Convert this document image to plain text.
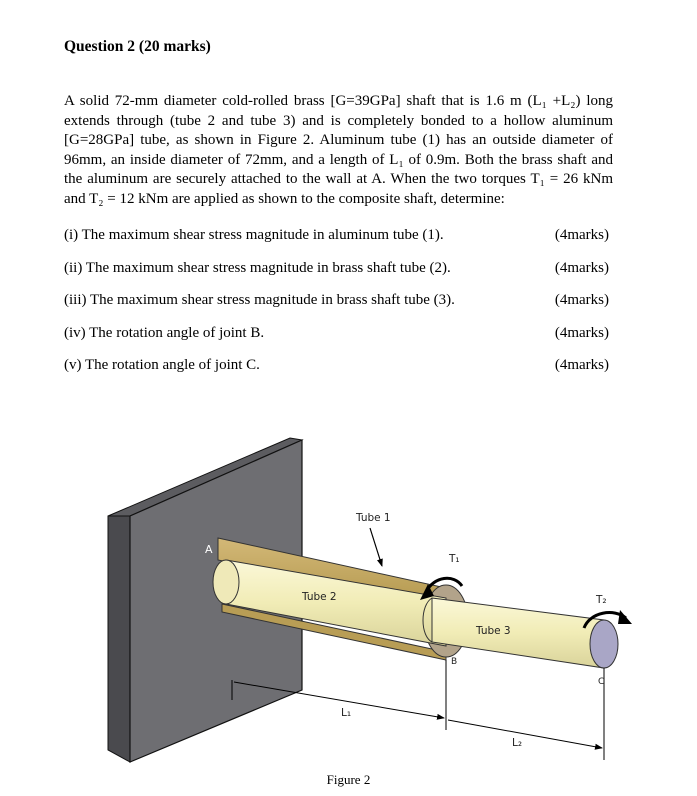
Question 2 (20 marks)

A solid 72-mm diameter cold-rolled brass [G=39GPa] shaft that is 1.6 m (L₁ +L₂) long extends through (tube 2 and tube 3) and is completely bonded to a hollow aluminum [G=28GPa] tube, as shown in Figure 2. Aluminum tube (1) has an outside diameter of 96mm, an inside diameter of 72mm, and a length of L₁ of 0.9m. Both the brass shaft and the aluminum are securely attached to the wall at A. When the two torques T₁ = 26 kNm and T₂ = 12 kNm are applied as shown to the composite shaft, determine:

(i) The maximum shear stress magnitude in aluminum tube (1).	(4marks)
(ii) The maximum shear stress magnitude in brass shaft tube (2).	(4marks)
(iii) The maximum shear stress magnitude in brass shaft tube (3).	(4marks)
(iv) The rotation angle of joint B.	(4marks)
(v) The rotation angle of joint C.	(4marks)
A
Tube 1
T₁
Tube 2
Tube 3
T₂
B
C
L₁
L₂
Figure 2
